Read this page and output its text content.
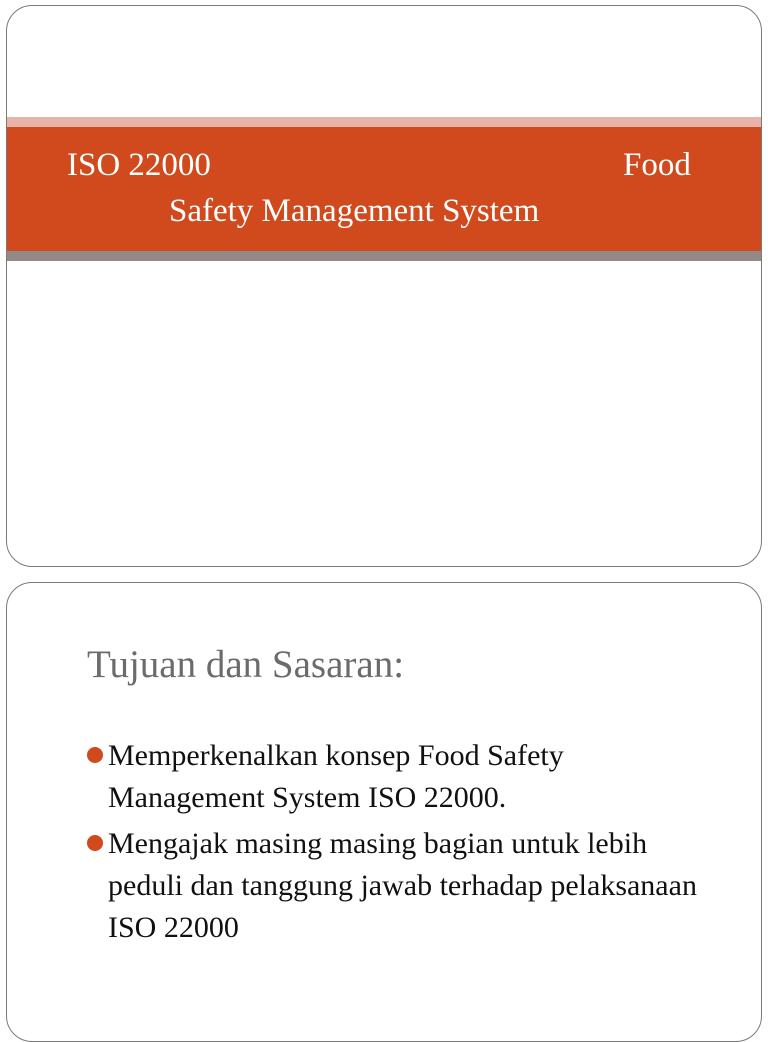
ISO 22000	Food
Safety Management System
Tujuan dan Sasaran:
Memperkenalkan konsep Food Safety Management System ISO 22000.
Mengajak masing masing bagian untuk lebih peduli dan tanggung jawab terhadap pelaksanaan ISO 22000
